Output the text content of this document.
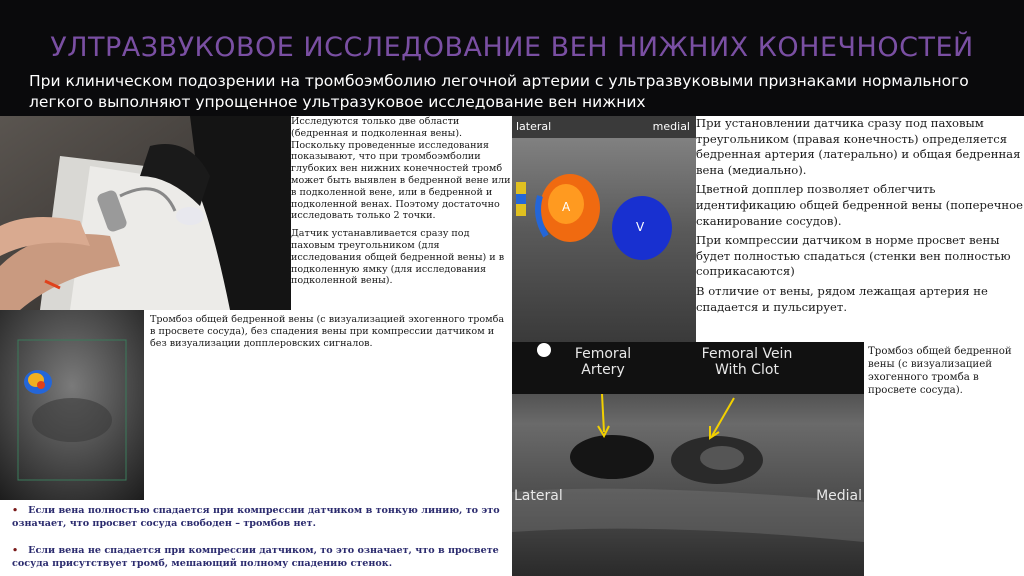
УЛТРАЗВУКОВОЕ ИССЛЕДОВАНИЕ ВЕН НИЖНИХ КОНЕЧНОСТЕЙ
При клиническом подозрении на тромбоэмболию легочной артерии с ультразвуковыми признаками нормального легкого выполняют упрощенное ультразуковое исследование вен нижних

Исследуются только две области (бедренная и подколенная вены). Поскольку проведенные исследования показывают, что при тромбоэмболии глубоких вен нижних конечностей тромб может быть выявлен в бедренной вене или в подколенной вене, или в бедренной и подколенной венах. Поэтому достаточно исследовать только 2 точки.

Датчик устанавливается сразу под паховым треугольником (для исследования общей бедренной вены) и в подколенную ямку (для исследования подколенной вены).

Тромбоз общей бедренной вены (с визуализацией эхогенного тромба в просвете сосуда), без спадения вены при компрессии датчиком и без визуализации допплеровских сигналов.

• Если вена полностью спадается при компрессии датчиком в тонкую линию, то это означает, что просвет сосуда свободен – тромбов нет.
• Если вена не спадается при компрессии датчиком, то это означает, что в просвете сосуда присутствует тромб, мешающий полному спадению стенок.
lateral	medial
A
V

При установлении датчика сразу под паховым треугольником (правая конечность) определяется бедренная артерия (латерально) и общая бедренная вена (медиально).

Цветной допплер позволяет облегчить идентификацию общей бедренной вены (поперечное сканирование сосудов).

При компрессии датчиком в норме просвет вены будет полностью спадаться (стенки вен полностью соприкасаются)

В отличие от вены, рядом лежащая артерия не спадается и пульсирует.

Femoral Artery
Femoral Vein With Clot
Lateral	Medial

Тромбоз общей бедренной вены (с визуализацией эхогенного тромба в просвете сосуда).
